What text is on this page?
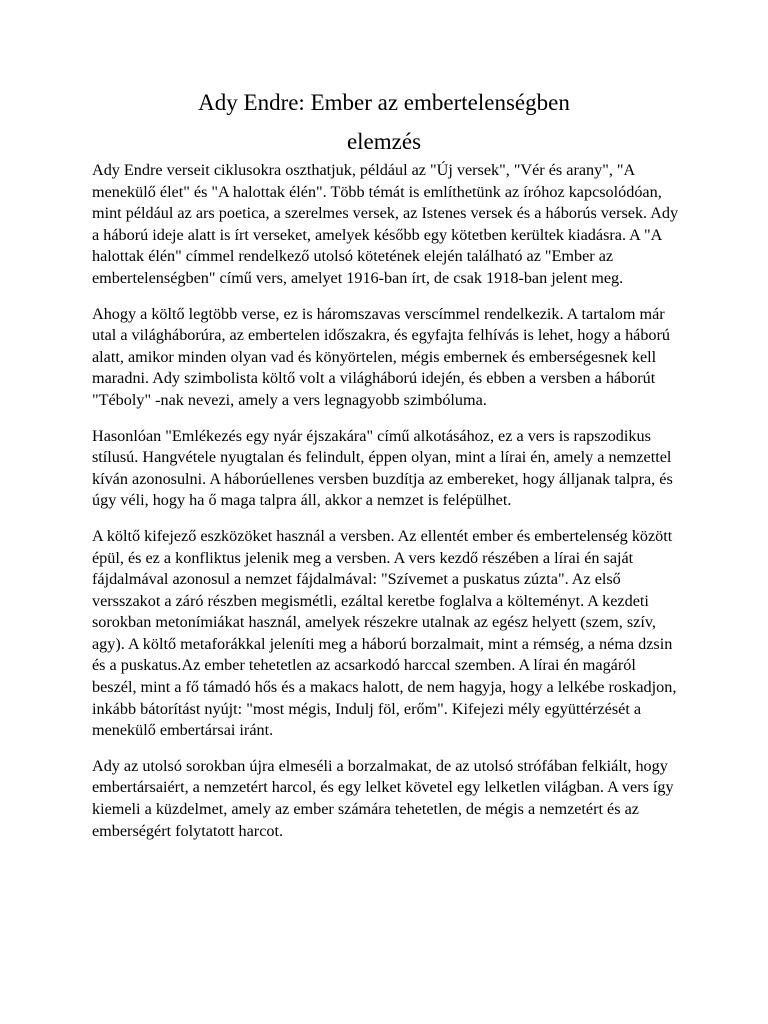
Ady Endre: Ember az embertelenségben
elemzés

Ady Endre verseit ciklusokra oszthatjuk, például az "Új versek", "Vér és arany", "A menekülő élet" és "A halottak élén". Több témát is említhetünk az íróhoz kapcsolódóan, mint például az ars poetica, a szerelmes versek, az Istenes versek és a háborús versek. Ady a háború ideje alatt is írt verseket, amelyek később egy kötetben kerültek kiadásra. A "A halottak élén" címmel rendelkező utolsó kötetének elején található az "Ember az embertelenségben" című vers, amelyet 1916-ban írt, de csak 1918-ban jelent meg.

Ahogy a költő legtöbb verse, ez is háromszavas verscímmel rendelkezik. A tartalom már utal a világháborúra, az embertelen időszakra, és egyfajta felhívás is lehet, hogy a háború alatt, amikor minden olyan vad és könyörtelen, mégis embernek és emberségesnek kell maradni. Ady szimbolista költő volt a világháború idején, és ebben a versben a háborút "Téboly" -nak nevezi, amely a vers legnagyobb szimbóluma.

Hasonlóan "Emlékezés egy nyár éjszakára" című alkotásához, ez a vers is rapszodikus stílusú. Hangvétele nyugtalan és felindult, éppen olyan, mint a lírai én, amely a nemzettel kíván azonosulni. A háborúellenes versben buzdítja az embereket, hogy álljanak talpra, és úgy véli, hogy ha ő maga talpra áll, akkor a nemzet is felépülhet.

A költő kifejező eszközöket használ a versben. Az ellentét ember és embertelenség között épül, és ez a konfliktus jelenik meg a versben. A vers kezdő részében a lírai én saját fájdalmával azonosul a nemzet fájdalmával: "Szívemet a puskatus zúzta". Az első versszakot a záró részben megismétli, ezáltal keretbe foglalva a költeményt. A kezdeti sorokban metonímiákat használ, amelyek részekre utalnak az egész helyett (szem, szív, agy). A költő metaforákkal jeleníti meg a háború borzalmait, mint a rémség, a néma dzsin és a puskatus.Az ember tehetetlen az acsarkodó harccal szemben. A lírai én magáról beszél, mint a fő támadó hős és a makacs halott, de nem hagyja, hogy a lelkébe roskadjon, inkább bátorítást nyújt: "most mégis, Indulj föl, erőm". Kifejezi mély együttérzését a menekülő embertársai iránt.

Ady az utolsó sorokban újra elmeséli a borzalmakat, de az utolsó strófában felkiált, hogy embertársaiért, a nemzetért harcol, és egy lelket követel egy lelketlen világban. A vers így kiemeli a küzdelmet, amely az ember számára tehetetlen, de mégis a nemzetért és az emberségért folytatott harcot.
